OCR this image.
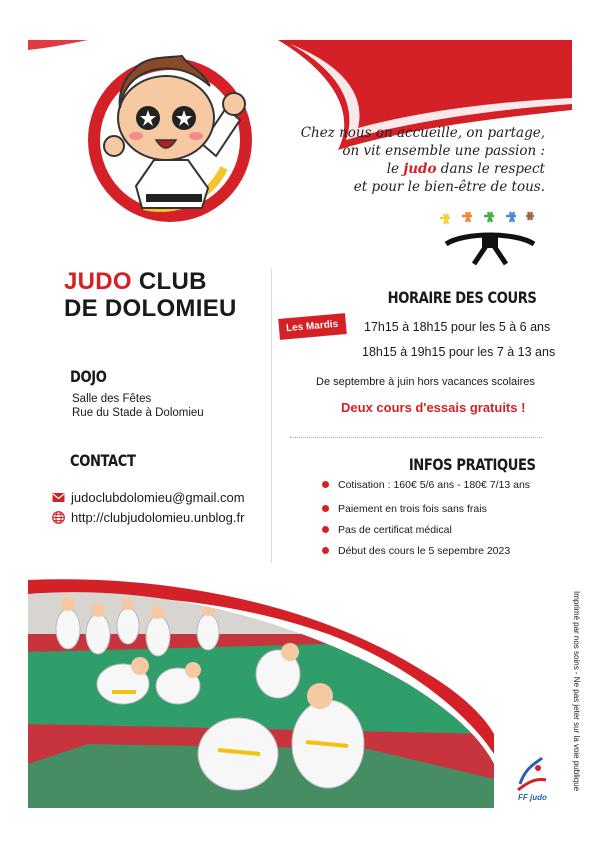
Chez nous on accueille, on partage,
on vit ensemble une passion :
le judo dans le respect
et pour le bien-être de tous.
JUDO CLUB
DE DOLOMIEU
DOJO
Salle des Fêtes
Rue du Stade à Dolomieu
CONTACT
judoclubdolomieu@gmail.com
http://clubjudolomieu.unblog.fr
HORAIRE DES COURS
Les Mardis	17h15 à 18h15 pour les 5 à 6 ans
18h15 à 19h15 pour les 7 à 13 ans
De septembre à juin hors vacances scolaires
Deux cours d'essais gratuits !
INFOS PRATIQUES
Cotisation : 160€ 5/6 ans - 180€ 7/13 ans
Paiement en trois fois sans frais
Pas de certificat médical
Début des cours le 5 sepembre 2023
Imprimé par nos soins - Ne pas jeter sur la voie publique
FF judo
